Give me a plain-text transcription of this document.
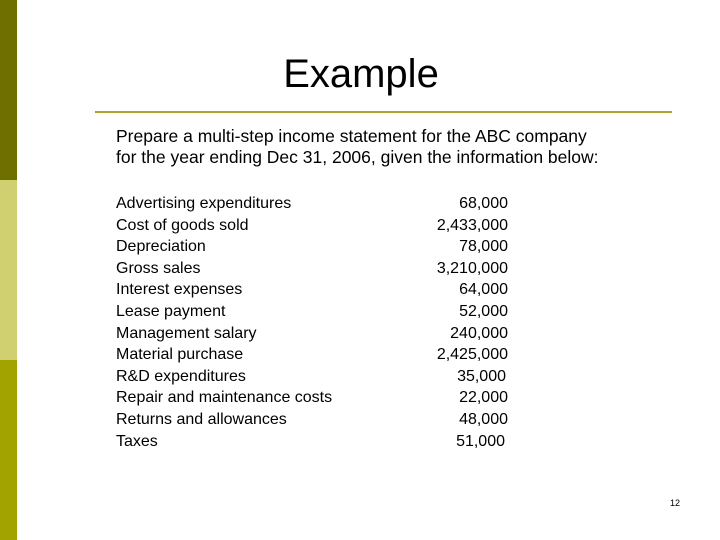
Example
Prepare a multi-step income statement for the ABC company
for the year ending Dec 31, 2006, given the information below:
Advertising expenditures	68,000
Cost of goods sold	2,433,000
Depreciation	78,000
Gross sales	3,210,000
Interest expenses	64,000
Lease payment	52,000
Management salary	240,000
Material purchase	2,425,000
R&D expenditures	35,000
Repair and maintenance costs	22,000
Returns and allowances	48,000
Taxes	51,000
12
